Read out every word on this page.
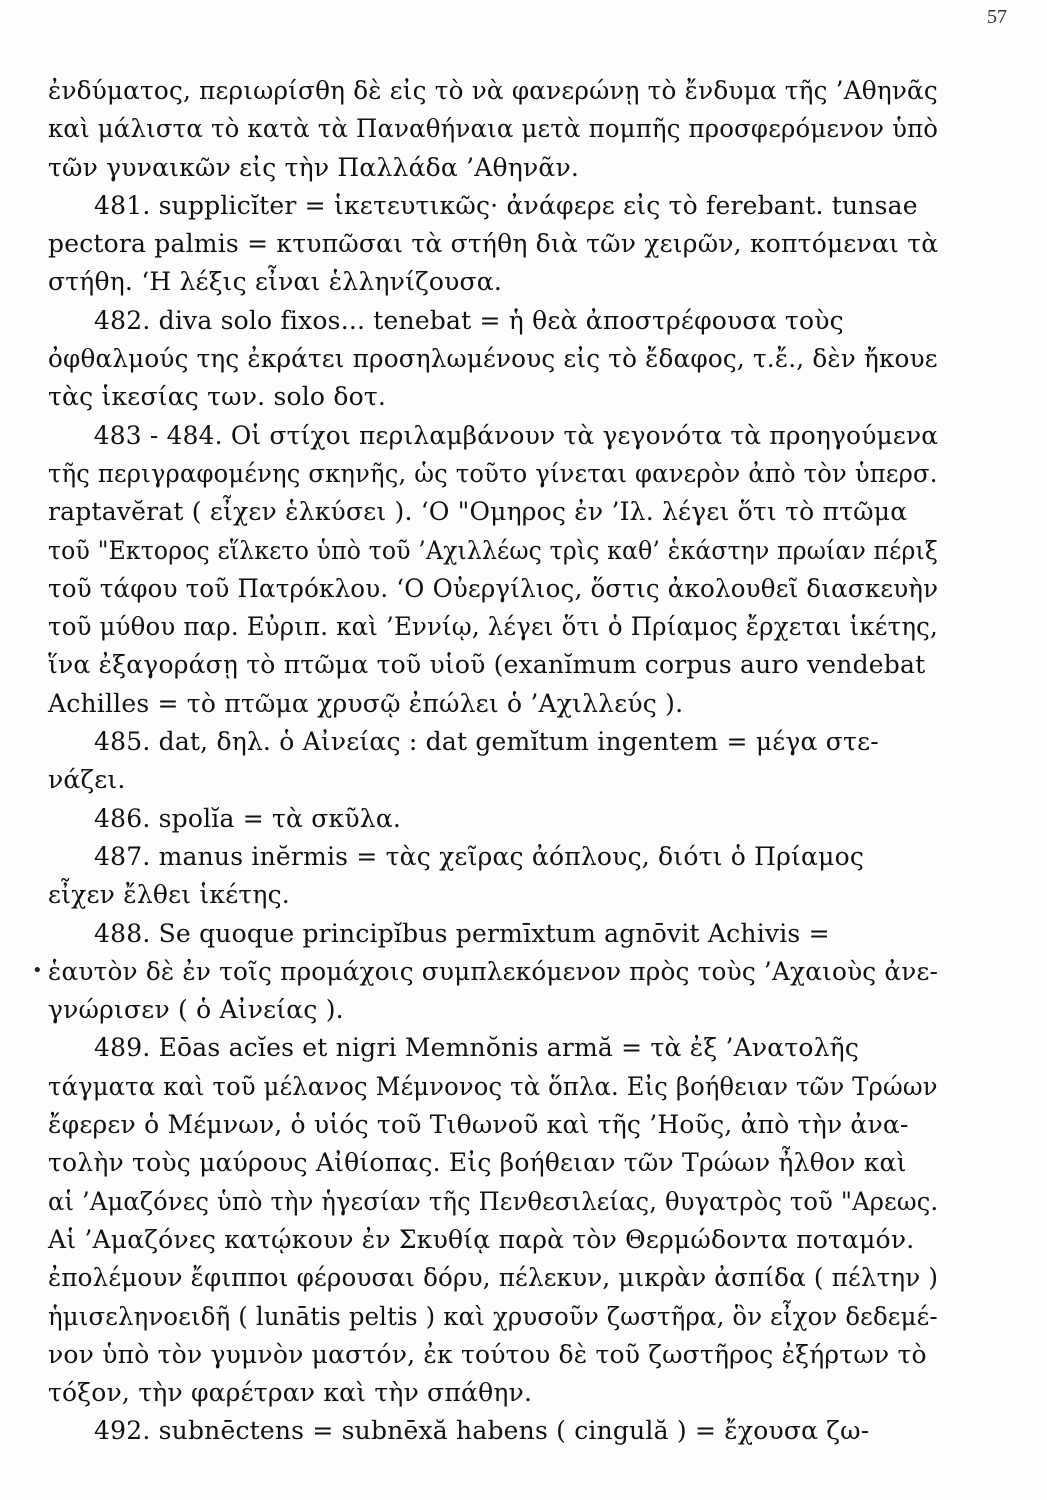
57
•
ἐνδύματος, περιωρίσθη δὲ εἰς τὸ νὰ φανερώνῃ τὸ ἔνδυμα τῆς ’Αθηνᾶς
καὶ μάλιστα τὸ κατὰ τὰ Παναθήναια μετὰ πομπῆς προσφερόμενον ὑπὸ
τῶν γυναικῶν εἰς τὴν Παλλάδα ’Αθηνᾶν.
481. supplicĭter = ἱκετευτικῶς· ἀνάφερε εἰς τὸ ferebant. tunsae
pectora palmis = κτυπῶσαι τὰ στήθη διὰ τῶν χειρῶν, κοπτόμεναι τὰ
στήθη. ‘Η λέξις εἶναι ἑλληνίζουσα.
482. diva solo fixos... tenebat = ἡ θεὰ ἀποστρέφουσα τοὺς
ὀφθαλμούς της ἐκράτει προσηλωμένους εἰς τὸ ἔδαφος, τ.ἔ., δὲν ἤκουε
τὰς ἱκεσίας των. solo δοτ.
483 - 484. Οἱ στίχοι περιλαμβάνουν τὰ γεγονότα τὰ προηγούμενα
τῆς περιγραφομένης σκηνῆς, ὡς τοῦτο γίνεται φανερὸν ἀπὸ τὸν ὑπερσ.
raptavĕrat ( εἶχεν ἑλκύσει ). ‘Ο "Ομηρος ἐν ’Ιλ. λέγει ὅτι τὸ πτῶμα
τοῦ "Εκτορος εἵλκετο ὑπὸ τοῦ ’Αχιλλέως τρὶς καθ’ ἑκάστην πρωίαν πέριξ
τοῦ τάφου τοῦ Πατρόκλου. ‘Ο Οὐεργίλιος, ὅστις ἀκολουθεῖ διασκευὴν
τοῦ μύθου παρ. Εὐριπ. καὶ ’Εννίῳ, λέγει ὅτι ὁ Πρίαμος ἔρχεται ἱκέτης,
ἵνα ἐξαγοράσῃ τὸ πτῶμα τοῦ υἱοῦ (exanĭmum corpus auro vendebat
Achilles = τὸ πτῶμα χρυσῷ ἐπώλει ὁ ’Αχιλλεύς ).
485. dat, δηλ. ὁ Αἰνείας : dat gemĭtum ingentem = μέγα στε-
νάζει.
486. spolĭa = τὰ σκῦλα.
487. manus inĕrmis = τὰς χεῖρας ἀόπλους, διότι ὁ Πρίαμος
εἶχεν ἔλθει ἱκέτης.
488. Se quoque principĭbus permīxtum agnōvit Achivis =
ἑαυτὸν δὲ ἐν τοῖς προμάχοις συμπλεκόμενον πρὸς τοὺς ’Αχαιοὺς ἀνε-
γνώρισεν ( ὁ Αἰνείας ).
489. Eōas acĭes et nigri Memnŏnis armă = τὰ ἐξ ’Ανατολῆς
τάγματα καὶ τοῦ μέλανος Μέμνονος τὰ ὅπλα. Εἰς βοήθειαν τῶν Τρώων
ἔφερεν ὁ Μέμνων, ὁ υἱός τοῦ Τιθωνοῦ καὶ τῆς ’Ηοῦς, ἀπὸ τὴν ἀνα-
τολὴν τοὺς μαύρους Αἰθίοπας. Εἰς βοήθειαν τῶν Τρώων ἦλθον καὶ
αἱ ’Αμαζόνες ὑπὸ τὴν ἡγεσίαν τῆς Πενθεσιλείας, θυγατρὸς τοῦ "Αρεως.
Αἱ ’Αμαζόνες κατῴκουν ἐν Σκυθίᾳ παρὰ τὸν Θερμώδοντα ποταμόν.
ἐπολέμουν ἔφιπποι φέρουσαι δόρυ, πέλεκυν, μικρὰν ἀσπίδα ( πέλτην )
ἡμισεληνοειδῆ ( lunātis peltis ) καὶ χρυσοῦν ζωστῆρα, ὃν εἶχον δεδεμέ-
νον ὑπὸ τὸν γυμνὸν μαστόν, ἐκ τούτου δὲ τοῦ ζωστῆρος ἐξήρτων τὸ
τόξον, τὴν φαρέτραν καὶ τὴν σπάθην.
492. subnēctens = subnēxă habens ( cingulă ) = ἔχουσα ζω-
